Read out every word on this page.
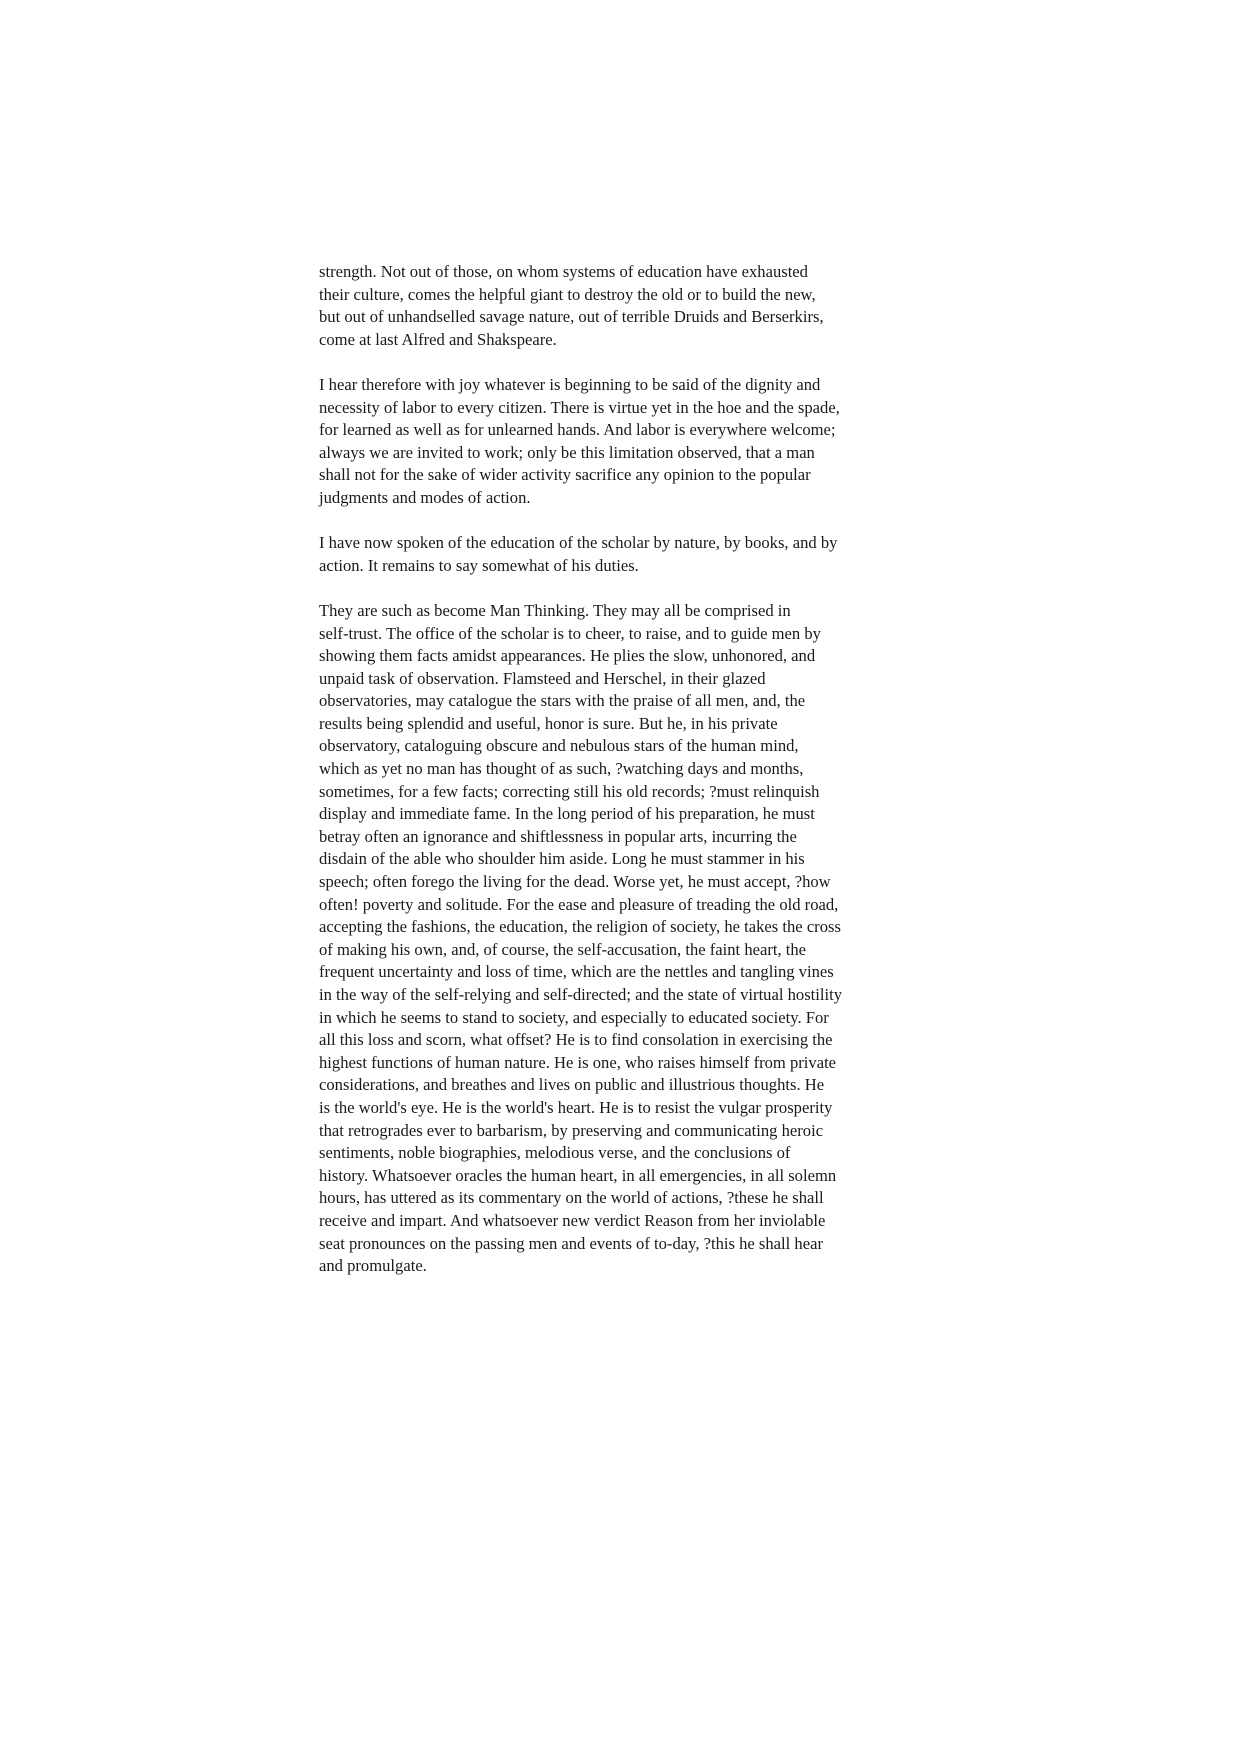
strength. Not out of those, on whom systems of education have exhausted
their culture, comes the helpful giant to destroy the old or to build the new,
but out of unhandselled savage nature, out of terrible Druids and Berserkirs,
come at last Alfred and Shakspeare.

I hear therefore with joy whatever is beginning to be said of the dignity and
necessity of labor to every citizen. There is virtue yet in the hoe and the spade,
for learned as well as for unlearned hands. And labor is everywhere welcome;
always we are invited to work; only be this limitation observed, that a man
shall not for the sake of wider activity sacrifice any opinion to the popular
judgments and modes of action.

I have now spoken of the education of the scholar by nature, by books, and by
action. It remains to say somewhat of his duties.

They are such as become Man Thinking. They may all be comprised in
self-trust. The office of the scholar is to cheer, to raise, and to guide men by
showing them facts amidst appearances. He plies the slow, unhonored, and
unpaid task of observation. Flamsteed and Herschel, in their glazed
observatories, may catalogue the stars with the praise of all men, and, the
results being splendid and useful, honor is sure. But he, in his private
observatory, cataloguing obscure and nebulous stars of the human mind,
which as yet no man has thought of as such, ?watching days and months,
sometimes, for a few facts; correcting still his old records; ?must relinquish
display and immediate fame. In the long period of his preparation, he must
betray often an ignorance and shiftlessness in popular arts, incurring the
disdain of the able who shoulder him aside. Long he must stammer in his
speech; often forego the living for the dead. Worse yet, he must accept, ?how
often! poverty and solitude. For the ease and pleasure of treading the old road,
accepting the fashions, the education, the religion of society, he takes the cross
of making his own, and, of course, the self-accusation, the faint heart, the
frequent uncertainty and loss of time, which are the nettles and tangling vines
in the way of the self-relying and self-directed; and the state of virtual hostility
in which he seems to stand to society, and especially to educated society. For
all this loss and scorn, what offset? He is to find consolation in exercising the
highest functions of human nature. He is one, who raises himself from private
considerations, and breathes and lives on public and illustrious thoughts. He
is the world's eye. He is the world's heart. He is to resist the vulgar prosperity
that retrogrades ever to barbarism, by preserving and communicating heroic
sentiments, noble biographies, melodious verse, and the conclusions of
history. Whatsoever oracles the human heart, in all emergencies, in all solemn
hours, has uttered as its commentary on the world of actions, ?these he shall
receive and impart. And whatsoever new verdict Reason from her inviolable
seat pronounces on the passing men and events of to-day, ?this he shall hear
and promulgate.
